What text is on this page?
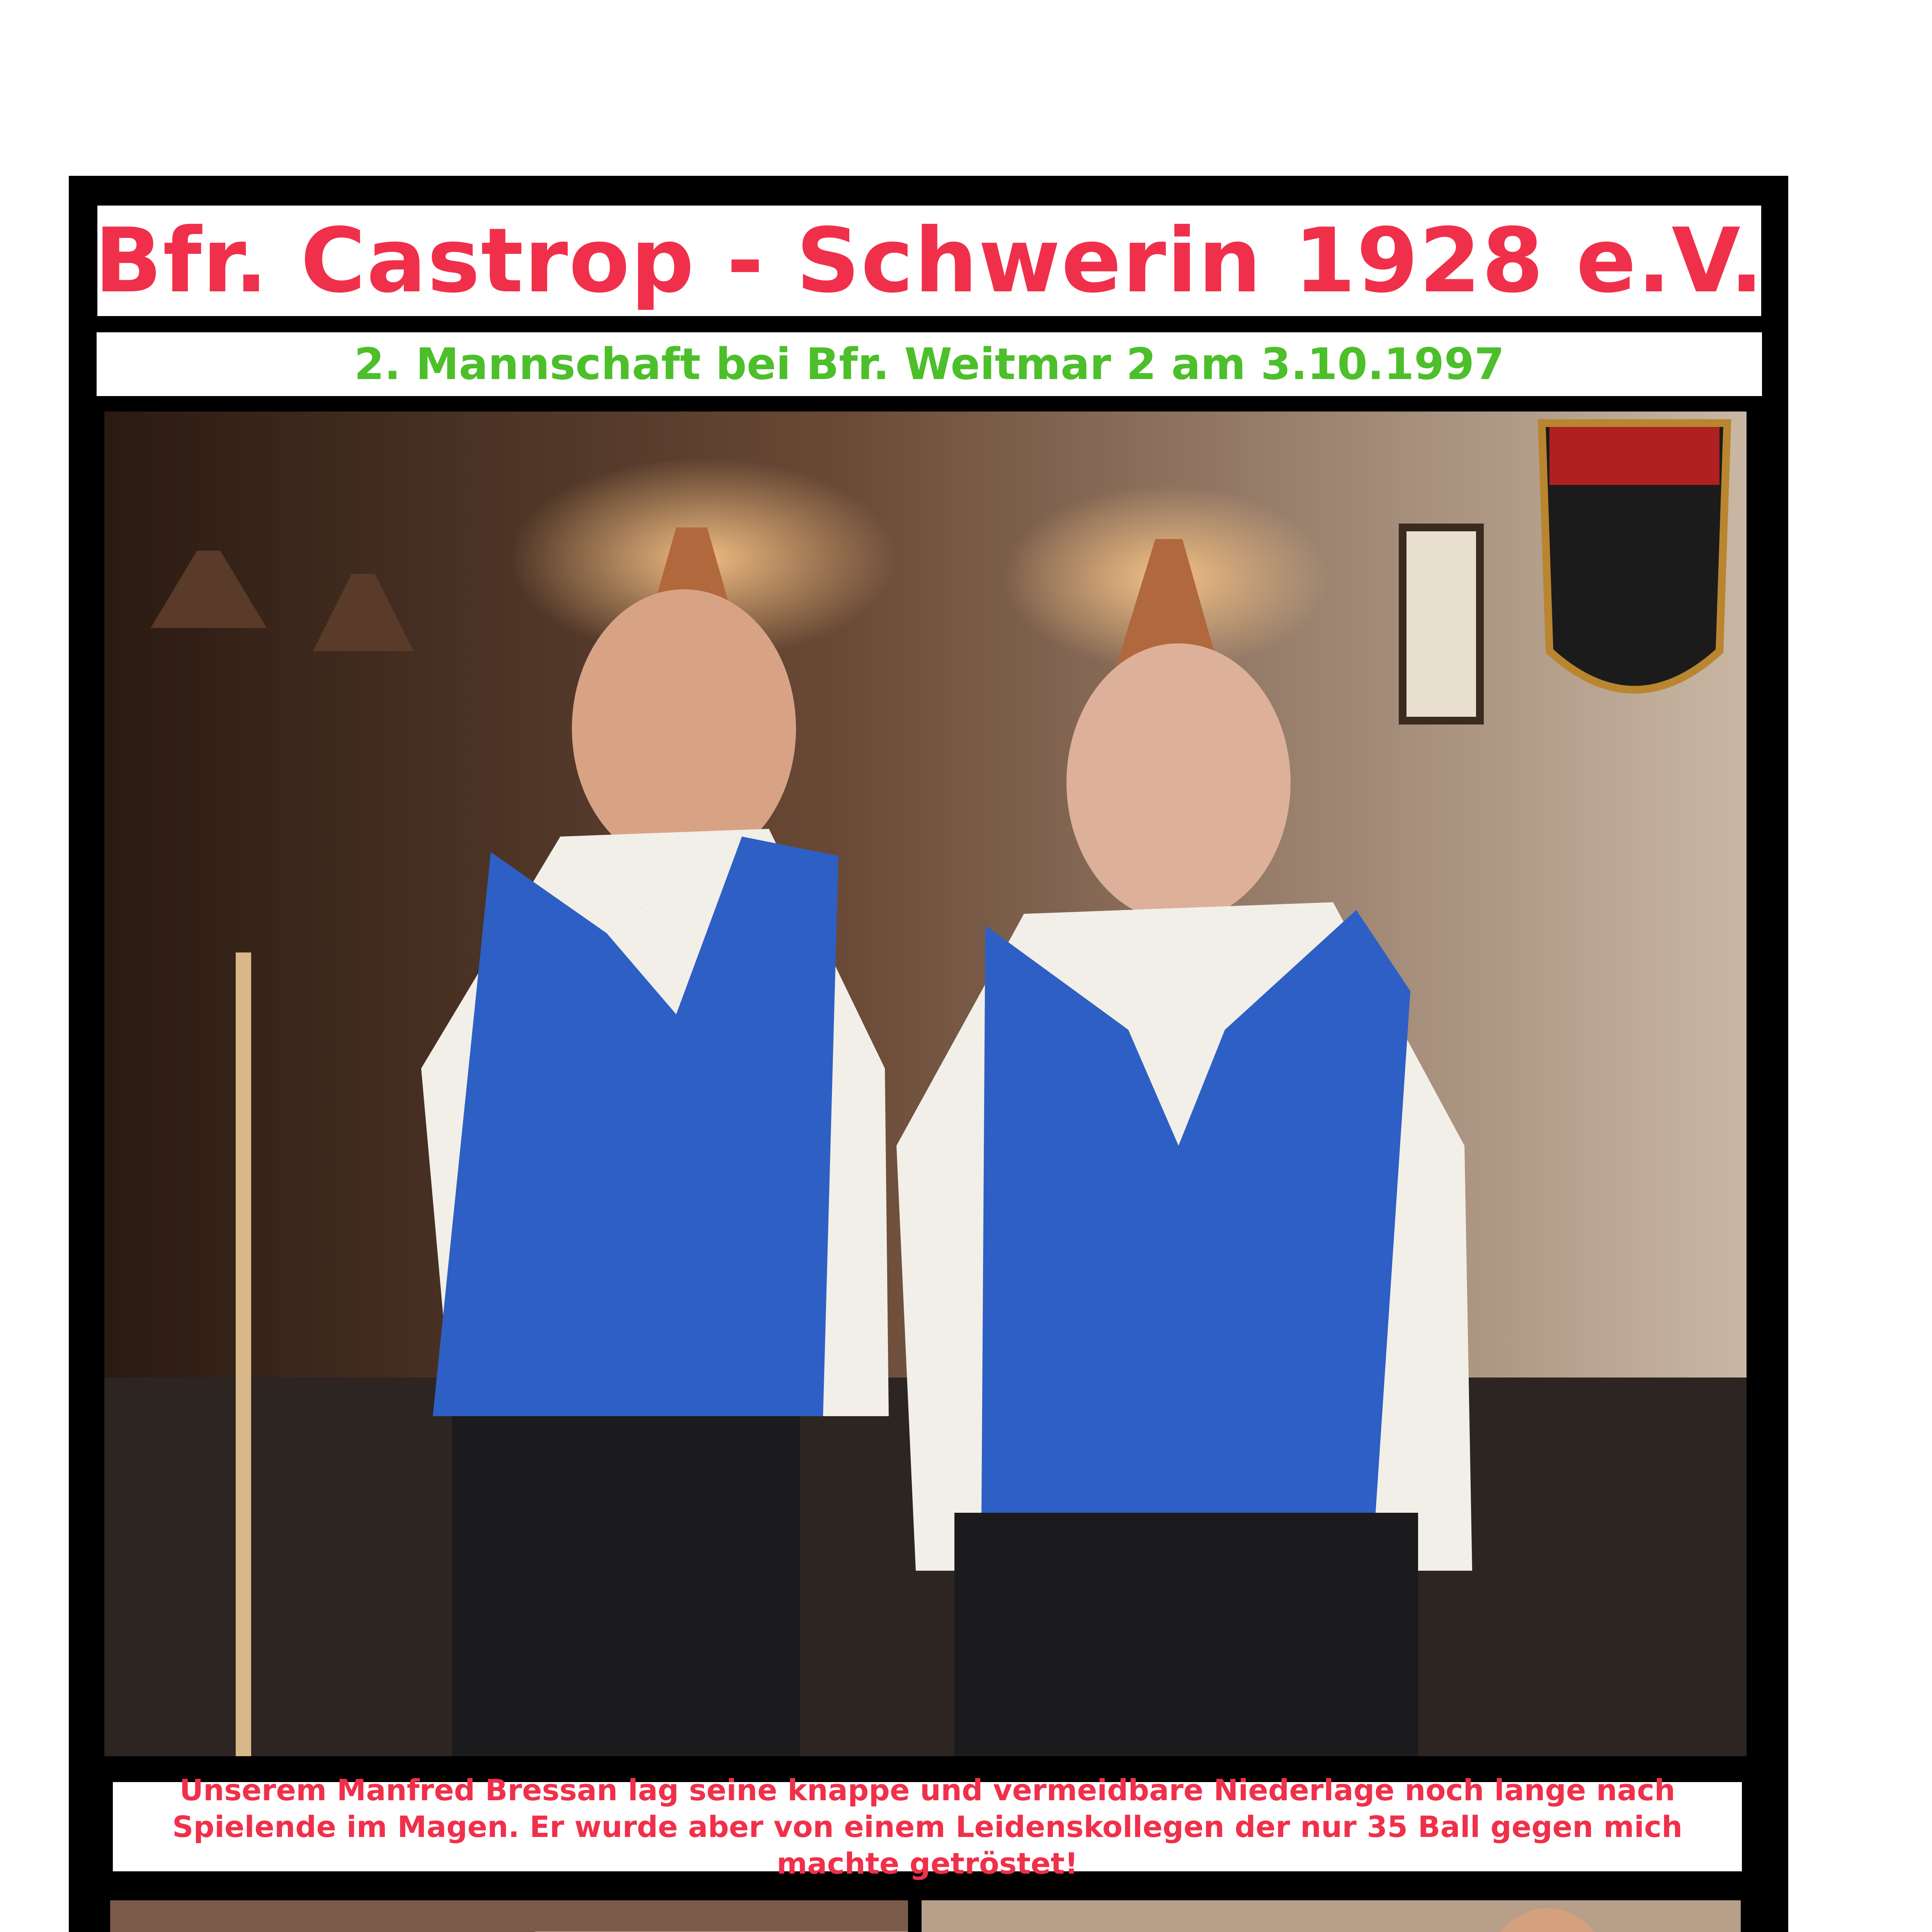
Bfr. Castrop - Schwerin 1928 e.V.
2. Mannschaft bei Bfr. Weitmar 2 am 3.10.1997
Unserem Manfred Bressan lag seine knappe und vermeidbare Niederlage noch lange nach Spielende im Magen. Er wurde aber von einem Leidenskollegen der nur 35 Ball gegen mich machte getröstet!
